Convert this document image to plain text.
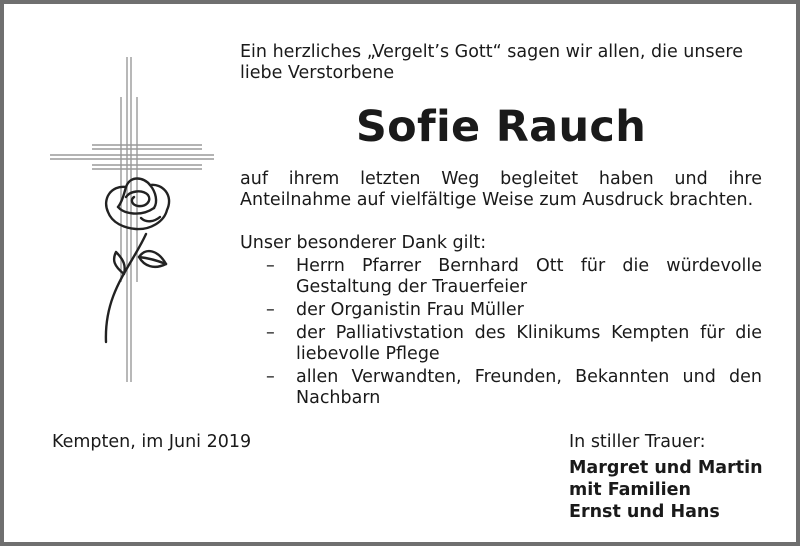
Ein herzliches „Vergelt’s Gott“ sagen wir allen, die unsere liebe Verstorbene

Sofie Rauch

auf ihrem letzten Weg begleitet haben und ihre Anteilnahme auf vielfältige Weise zum Ausdruck brachten.

Unser besonderer Dank gilt:

–	Herrn Pfarrer Bernhard Ott für die würdevolle Gestaltung der Trauerfeier
–	der Organistin Frau Müller
–	der Palliativstation des Klinikums Kempten für die liebevolle Pflege
–	allen Verwandten, Freunden, Bekannten und den Nachbarn

Kempten, im Juni 2019	In stiller Trauer:

Margret und Martin

mit Familien

Ernst und Hans
